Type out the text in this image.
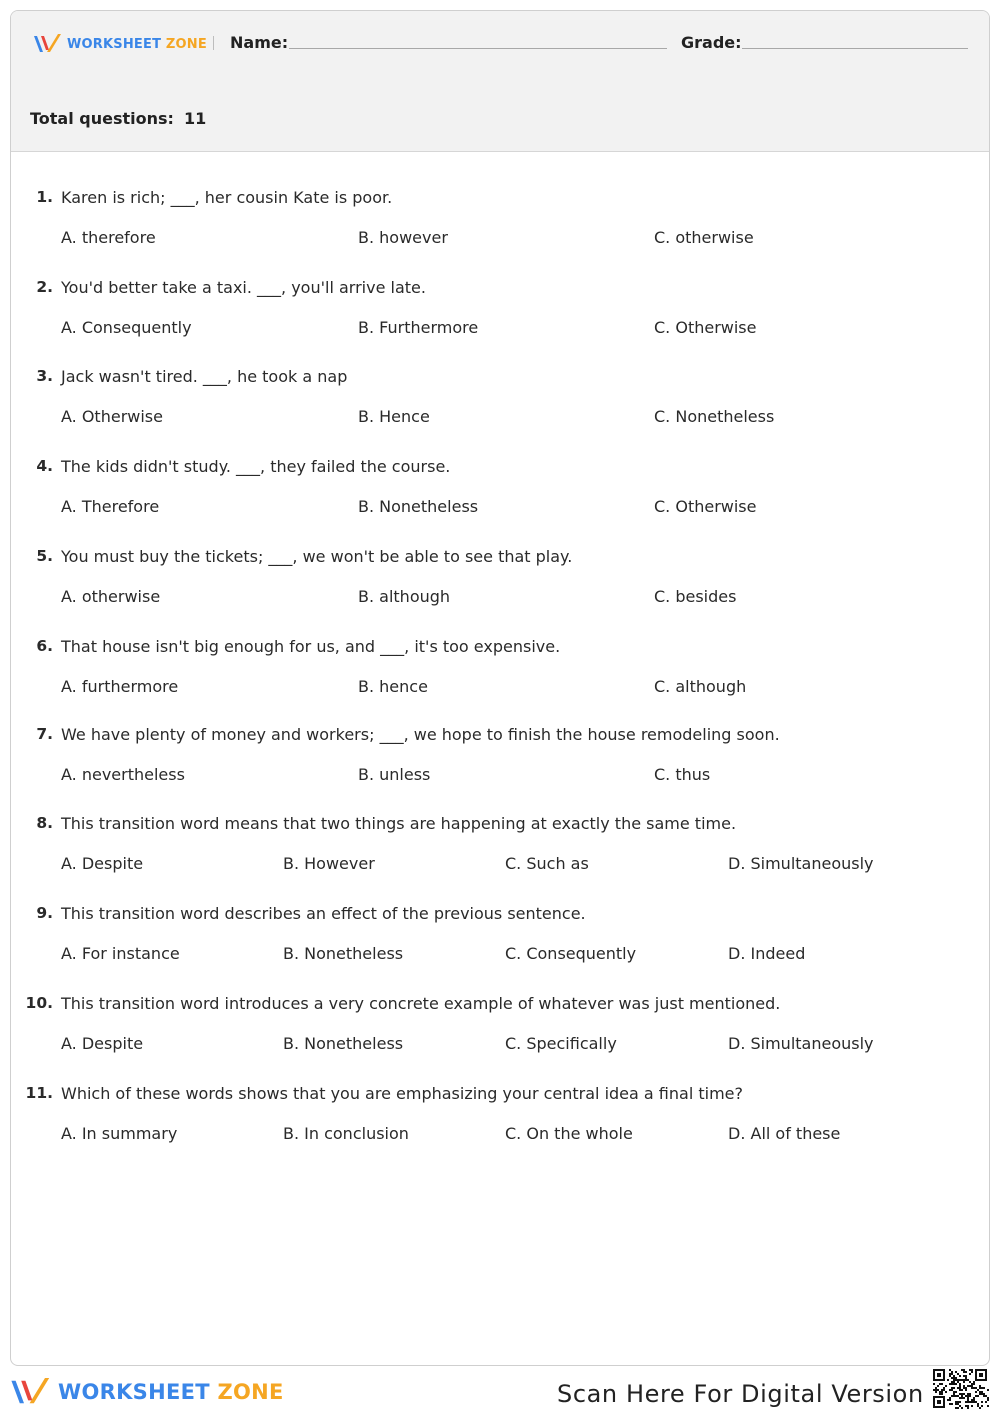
WORKSHEET ZONE Name:	Grade:
Total questions: 11
1. Karen is rich; ___, her cousin Kate is poor.
A. therefore	B. however	C. otherwise
2. You'd better take a taxi. ___, you'll arrive late.
A. Consequently	B. Furthermore	C. Otherwise
3. Jack wasn't tired. ___, he took a nap
A. Otherwise	B. Hence	C. Nonetheless
4. The kids didn't study. ___, they failed the course.
A. Therefore	B. Nonetheless	C. Otherwise
5. You must buy the tickets; ___, we won't be able to see that play.
A. otherwise	B. although	C. besides
6. That house isn't big enough for us, and ___, it's too expensive.
A. furthermore	B. hence	C. although
7. We have plenty of money and workers; ___, we hope to finish the house remodeling soon.
A. nevertheless	B. unless	C. thus
8. This transition word means that two things are happening at exactly the same time.
A. Despite	B. However	C. Such as	D. Simultaneously
9. This transition word describes an effect of the previous sentence.
A. For instance	B. Nonetheless	C. Consequently	D. Indeed
10. This transition word introduces a very concrete example of whatever was just mentioned.
A. Despite	B. Nonetheless	C. Specifically	D. Simultaneously
11. Which of these words shows that you are emphasizing your central idea a final time?
A. In summary	B. In conclusion	C. On the whole	D. All of these
WORKSHEET ZONE	Scan Here For Digital Version
